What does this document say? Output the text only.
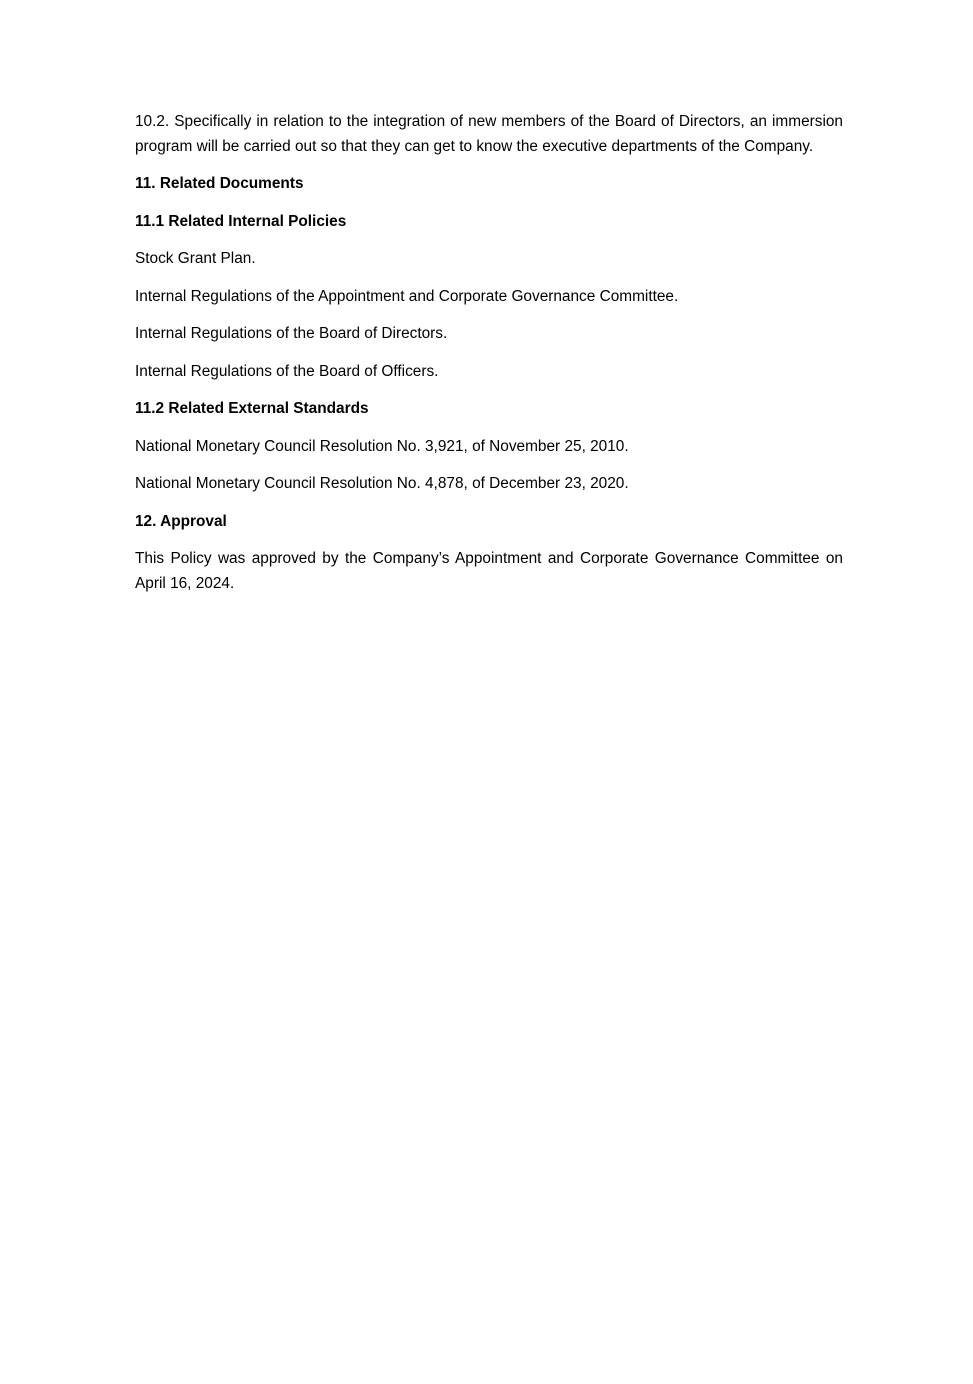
10.2. Specifically in relation to the integration of new members of the Board of Directors, an immersion program will be carried out so that they can get to know the executive departments of the Company.

11. Related Documents

11.1 Related Internal Policies

Stock Grant Plan.

Internal Regulations of the Appointment and Corporate Governance Committee.

Internal Regulations of the Board of Directors.

Internal Regulations of the Board of Officers.

11.2 Related External Standards

National Monetary Council Resolution No. 3,921, of November 25, 2010.

National Monetary Council Resolution No. 4,878, of December 23, 2020.

12. Approval

This Policy was approved by the Company’s Appointment and Corporate Governance Committee on April 16, 2024.
